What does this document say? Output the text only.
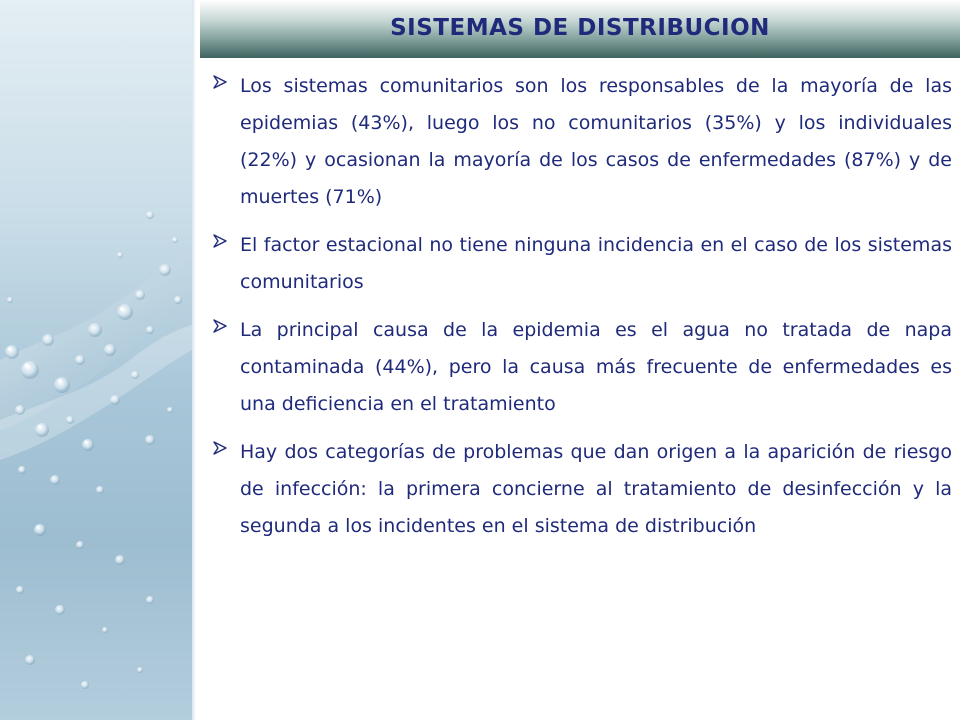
SISTEMAS DE DISTRIBUCION
Los sistemas comunitarios son los responsables de la mayoría de las epidemias (43%), luego los no comunitarios (35%) y los individuales (22%) y ocasionan la mayoría de los casos de enfermedades (87%) y de muertes (71%)
El factor estacional no tiene ninguna incidencia en el caso de los sistemas comunitarios
La principal causa de la epidemia es el agua no tratada de napa contaminada (44%), pero la causa más frecuente de enfermedades es una deficiencia en el tratamiento
Hay dos categorías de problemas que dan origen a la aparición de riesgo de infección: la primera concierne al tratamiento de desinfección y la segunda a los incidentes en el sistema de distribución
